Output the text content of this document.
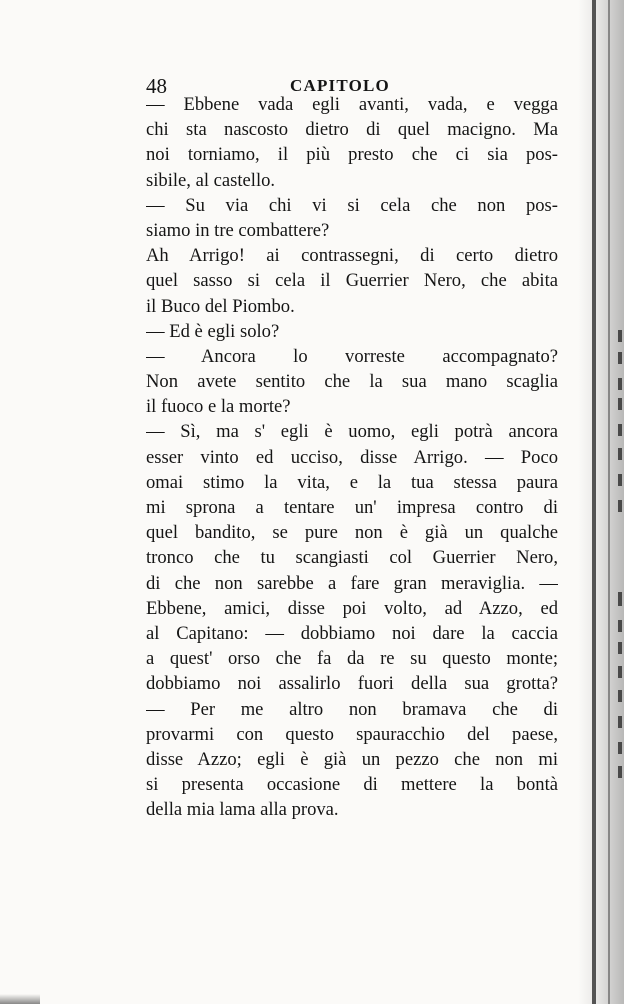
48	CAPITOLO
— Ebbene vada egli avanti, vada, e vegga
chi sta nascosto dietro di quel macigno. Ma
noi torniamo, il più presto che ci sia pos-
sibile, al castello.
— Su via chi vi si cela che non pos-
siamo in tre combattere?
Ah Arrigo! ai contrassegni, di certo dietro
quel sasso si cela il Guerrier Nero, che abita
il Buco del Piombo.
— Ed è egli solo?
— Ancora lo vorreste accompagnato?
Non avete sentito che la sua mano scaglia
il fuoco e la morte?
— Sì, ma s' egli è uomo, egli potrà ancora
esser vinto ed ucciso, disse Arrigo. — Poco
omai stimo la vita, e la tua stessa paura
mi sprona a tentare un' impresa contro di
quel bandito, se pure non è già un qualche
tronco che tu scangiasti col Guerrier Nero,
di che non sarebbe a fare gran meraviglia. —
Ebbene, amici, disse poi volto, ad Azzo, ed
al Capitano: — dobbiamo noi dare la caccia
a quest' orso che fa da re su questo monte;
dobbiamo noi assalirlo fuori della sua grotta?
— Per me altro non bramava che di
provarmi con questo spauracchio del paese,
disse Azzo; egli è già un pezzo che non mi
si presenta occasione di mettere la bontà
della mia lama alla prova.
